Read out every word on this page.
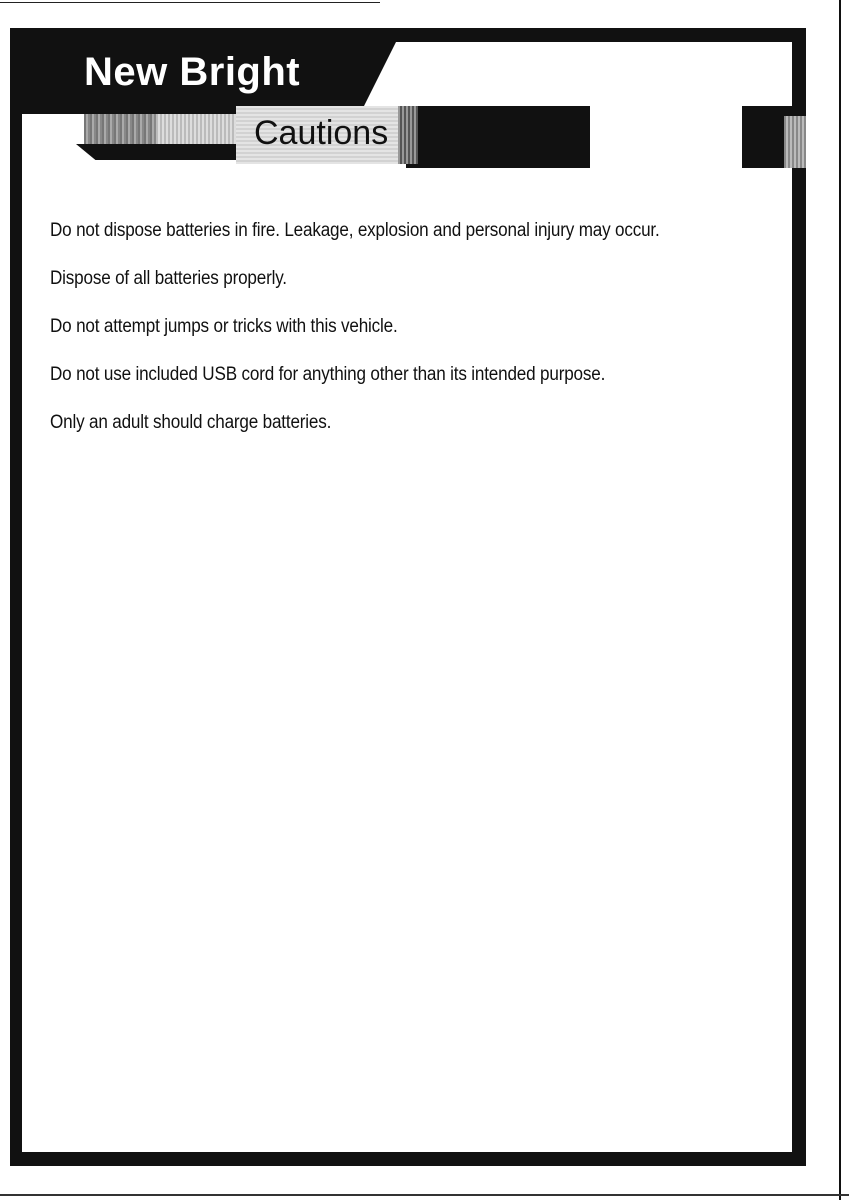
New Bright
Cautions
Do not dispose batteries in fire. Leakage, explosion and personal injury may occur.
Dispose of all batteries properly.
Do not attempt jumps or tricks with this vehicle.
Do not use included USB cord for anything other than its intended purpose.
Only an adult should charge batteries.
